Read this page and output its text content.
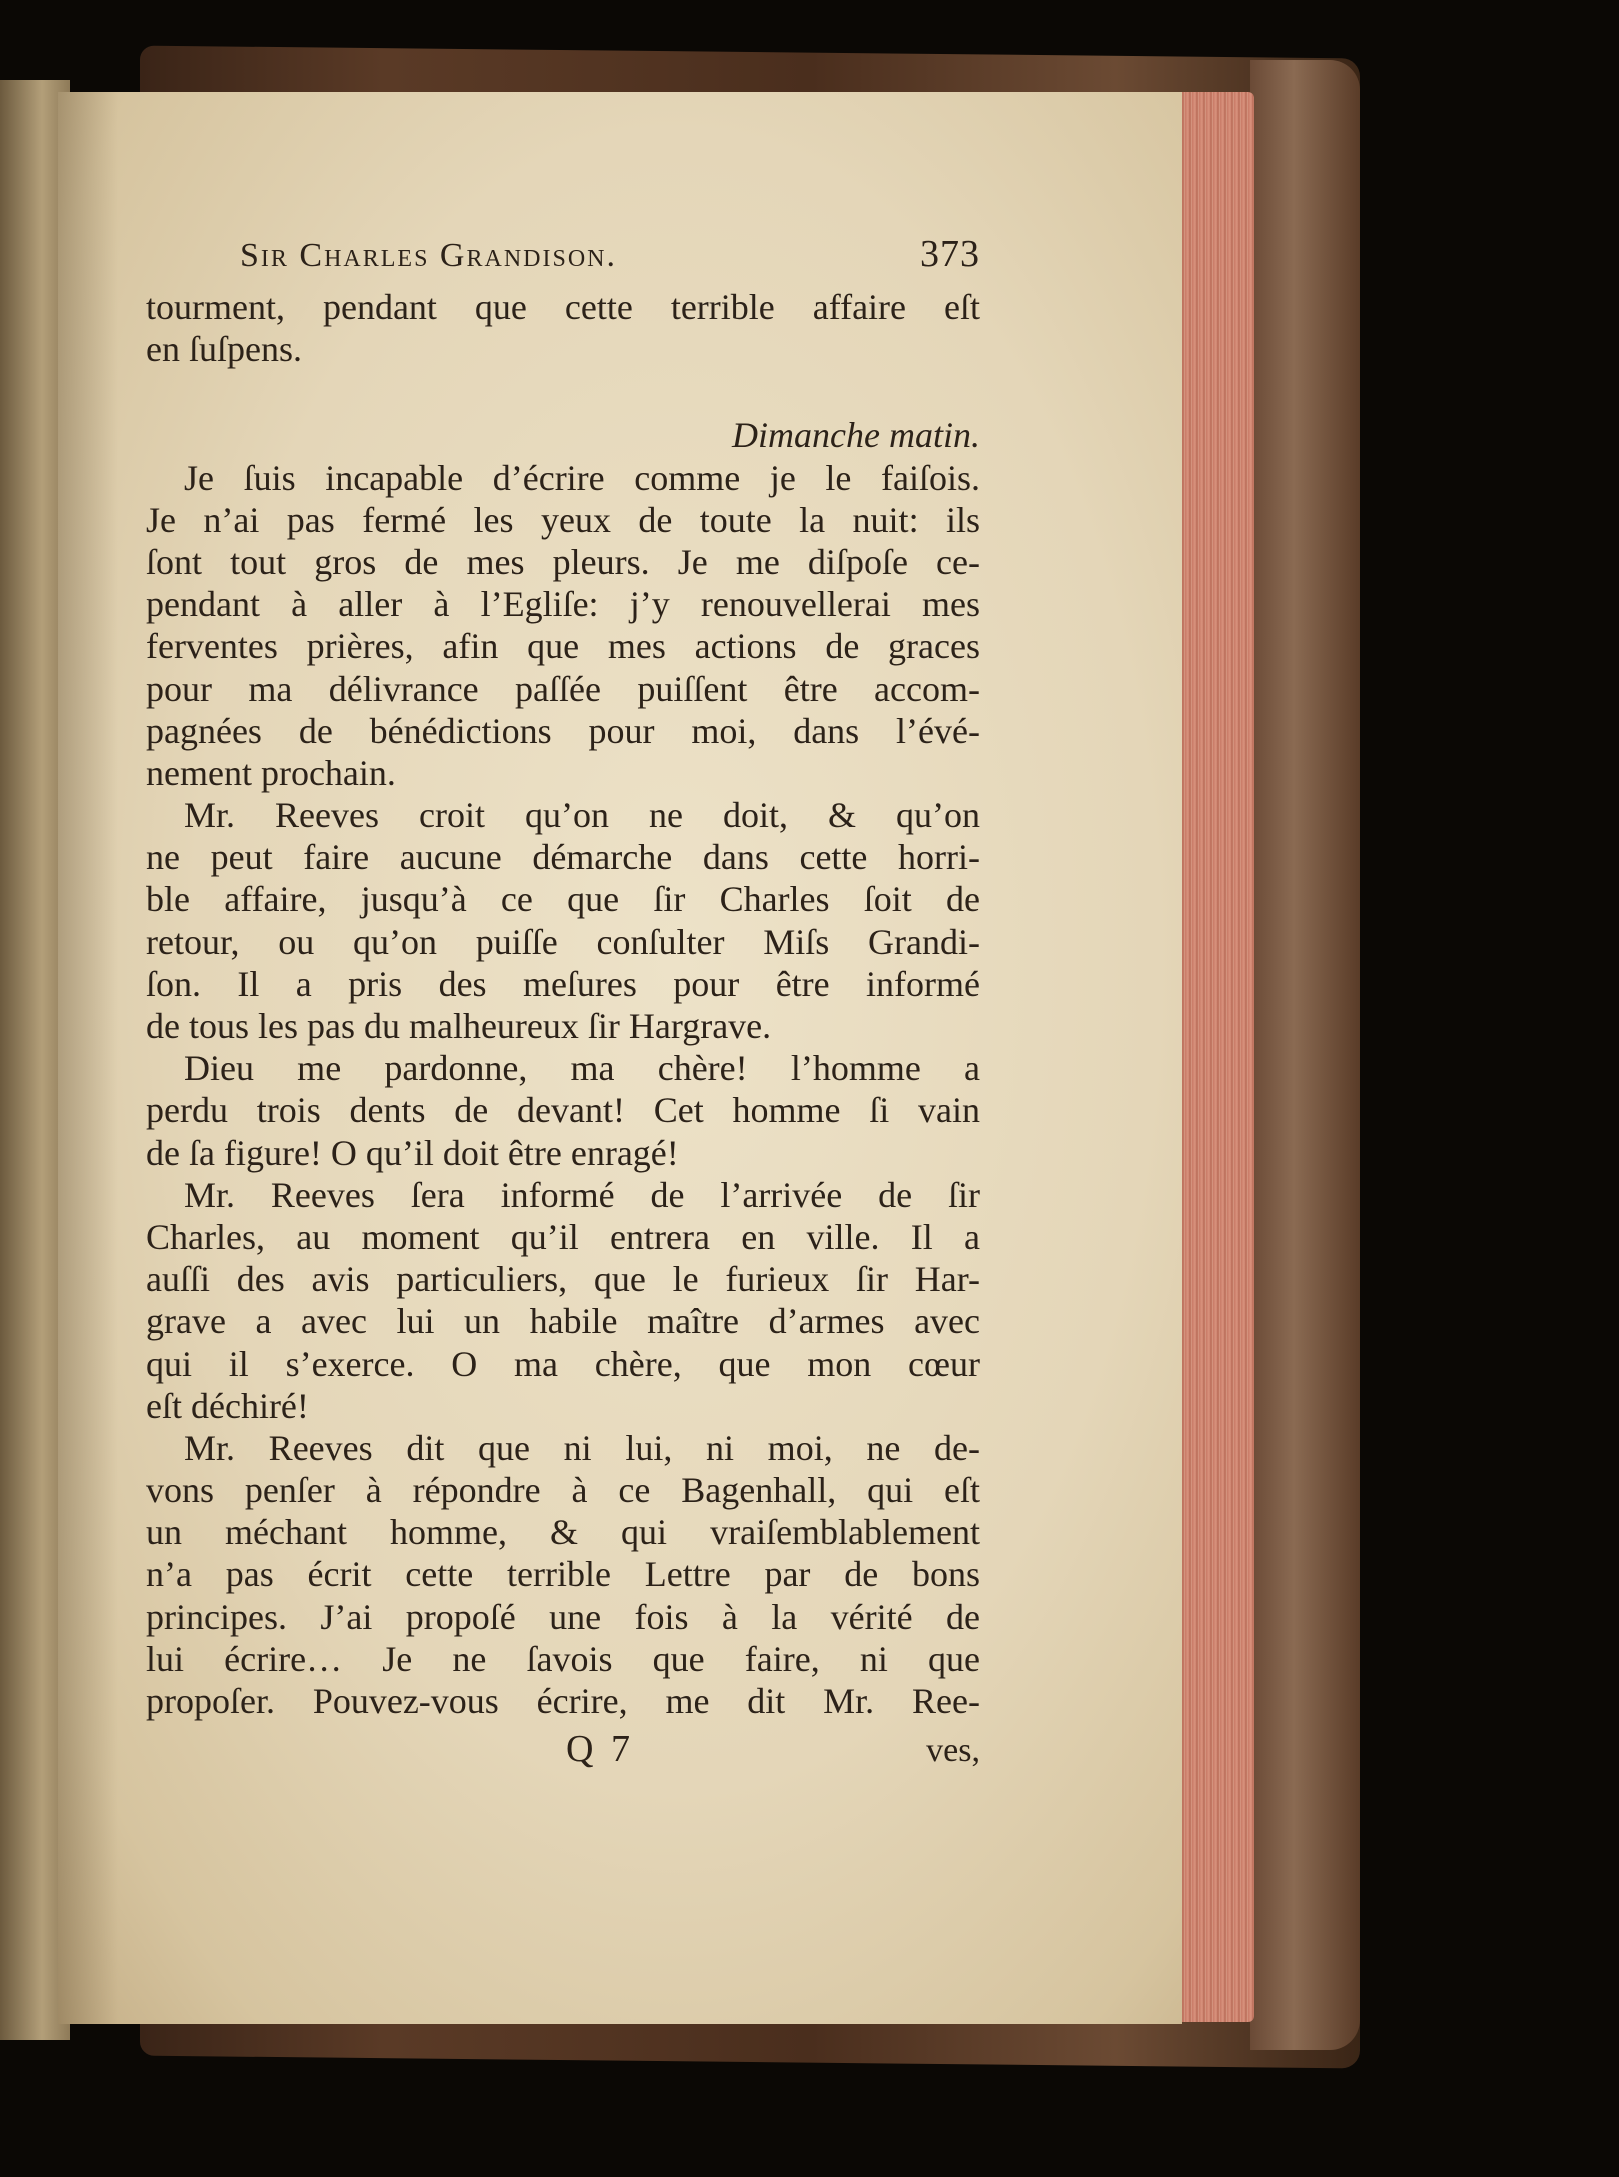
Sir Charles Grandison.	373
tourment, pendant que cette terrible affaire eſt
en ſuſpens.
Dimanche matin.
Je ſuis incapable d’écrire comme je le faiſois.
Je n’ai pas fermé les yeux de toute la nuit: ils
ſont tout gros de mes pleurs. Je me diſpoſe ce-
pendant à aller à l’Egliſe: j’y renouvellerai mes
ferventes prières, afin que mes actions de graces
pour ma délivrance paſſée puiſſent être accom-
pagnées de bénédictions pour moi, dans l’évé-
nement prochain.
Mr. Reeves croit qu’on ne doit, & qu’on
ne peut faire aucune démarche dans cette horri-
ble affaire, jusqu’à ce que ſir Charles ſoit de
retour, ou qu’on puiſſe conſulter Miſs Grandi-
ſon. Il a pris des meſures pour être informé
de tous les pas du malheureux ſir Hargrave.
Dieu me pardonne, ma chère! l’homme a
perdu trois dents de devant! Cet homme ſi vain
de ſa figure! O qu’il doit être enragé!
Mr. Reeves ſera informé de l’arrivée de ſir
Charles, au moment qu’il entrera en ville. Il a
auſſi des avis particuliers, que le furieux ſir Har-
grave a avec lui un habile maître d’armes avec
qui il s’exerce. O ma chère, que mon cœur
eſt déchiré!
Mr. Reeves dit que ni lui, ni moi, ne de-
vons penſer à répondre à ce Bagenhall, qui eſt
un méchant homme, & qui vraiſemblablement
n’a pas écrit cette terrible Lettre par de bons
principes. J’ai propoſé une fois à la vérité de
lui écrire… Je ne ſavois que faire, ni que
propoſer. Pouvez-vous écrire, me dit Mr. Ree-
Q 7	ves,
